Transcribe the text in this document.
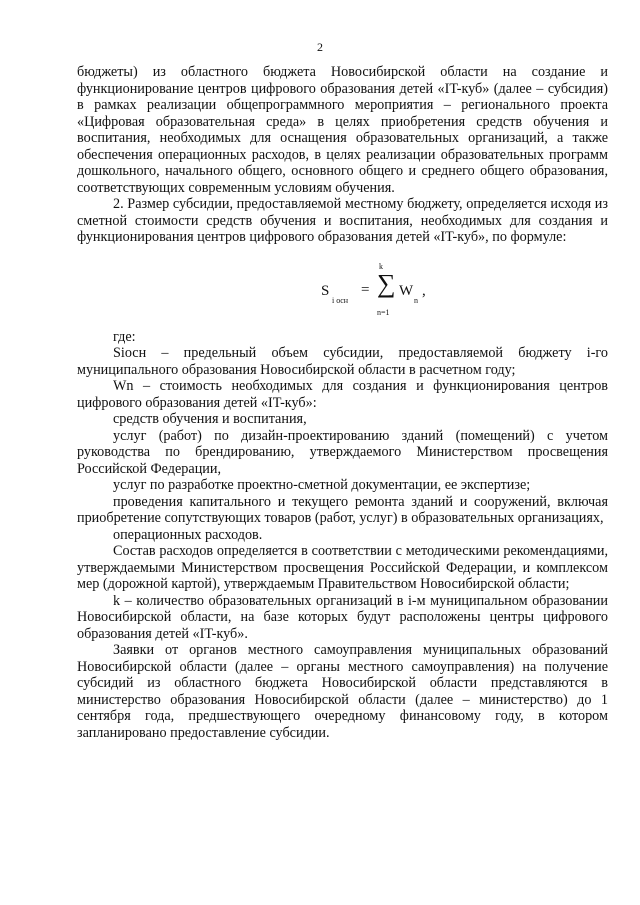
2

бюджеты) из областного бюджета Новосибирской области на создание и функционирование центров цифрового образования детей «IT-куб» (далее – субсидия) в рамках реализации общепрограммного мероприятия – регионального проекта «Цифровая образовательная среда» в целях приобретения средств обучения и воспитания, необходимых для оснащения образовательных организаций, а также обеспечения операционных расходов, в целях реализации образовательных программ дошкольного, начального общего, основного общего и среднего общего образования, соответствующих современным условиям обучения.

2. Размер субсидии, предоставляемой местному бюджету, определяется исходя из сметной стоимости средств обучения и воспитания, необходимых для создания и функционирования центров цифрового образования детей «IT-куб», по формуле:

S
i оcн
=
k
∑
n=1
W
n
,

где:

Siосн – предельный объем субсидии, предоставляемой бюджету i-го муниципального образования Новосибирской области в расчетном году;

Wn – стоимость необходимых для создания и функционирования центров цифрового образования детей «IT-куб»:

средств обучения и воспитания,

услуг (работ) по дизайн-проектированию зданий (помещений) с учетом руководства по брендированию, утверждаемого Министерством просвещения Российской Федерации,

услуг по разработке проектно-сметной документации, ее экспертизе;

проведения капитального и текущего ремонта зданий и сооружений, включая приобретение сопутствующих товаров (работ, услуг) в образовательных организациях,

операционных расходов.

Состав расходов определяется в соответствии с методическими рекомендациями, утверждаемыми Министерством просвещения Российской Федерации, и комплексом мер (дорожной картой), утверждаемым Правительством Новосибирской области;

k – количество образовательных организаций в i-м муниципальном образовании Новосибирской области, на базе которых будут расположены центры цифрового образования детей «IT-куб».

Заявки от органов местного самоуправления муниципальных образований Новосибирской области (далее – органы местного самоуправления) на получение субсидий из областного бюджета Новосибирской области представляются в министерство образования Новосибирской области (далее – министерство) до 1 сентября года, предшествующего очередному финансовому году, в котором запланировано предоставление субсидии.
